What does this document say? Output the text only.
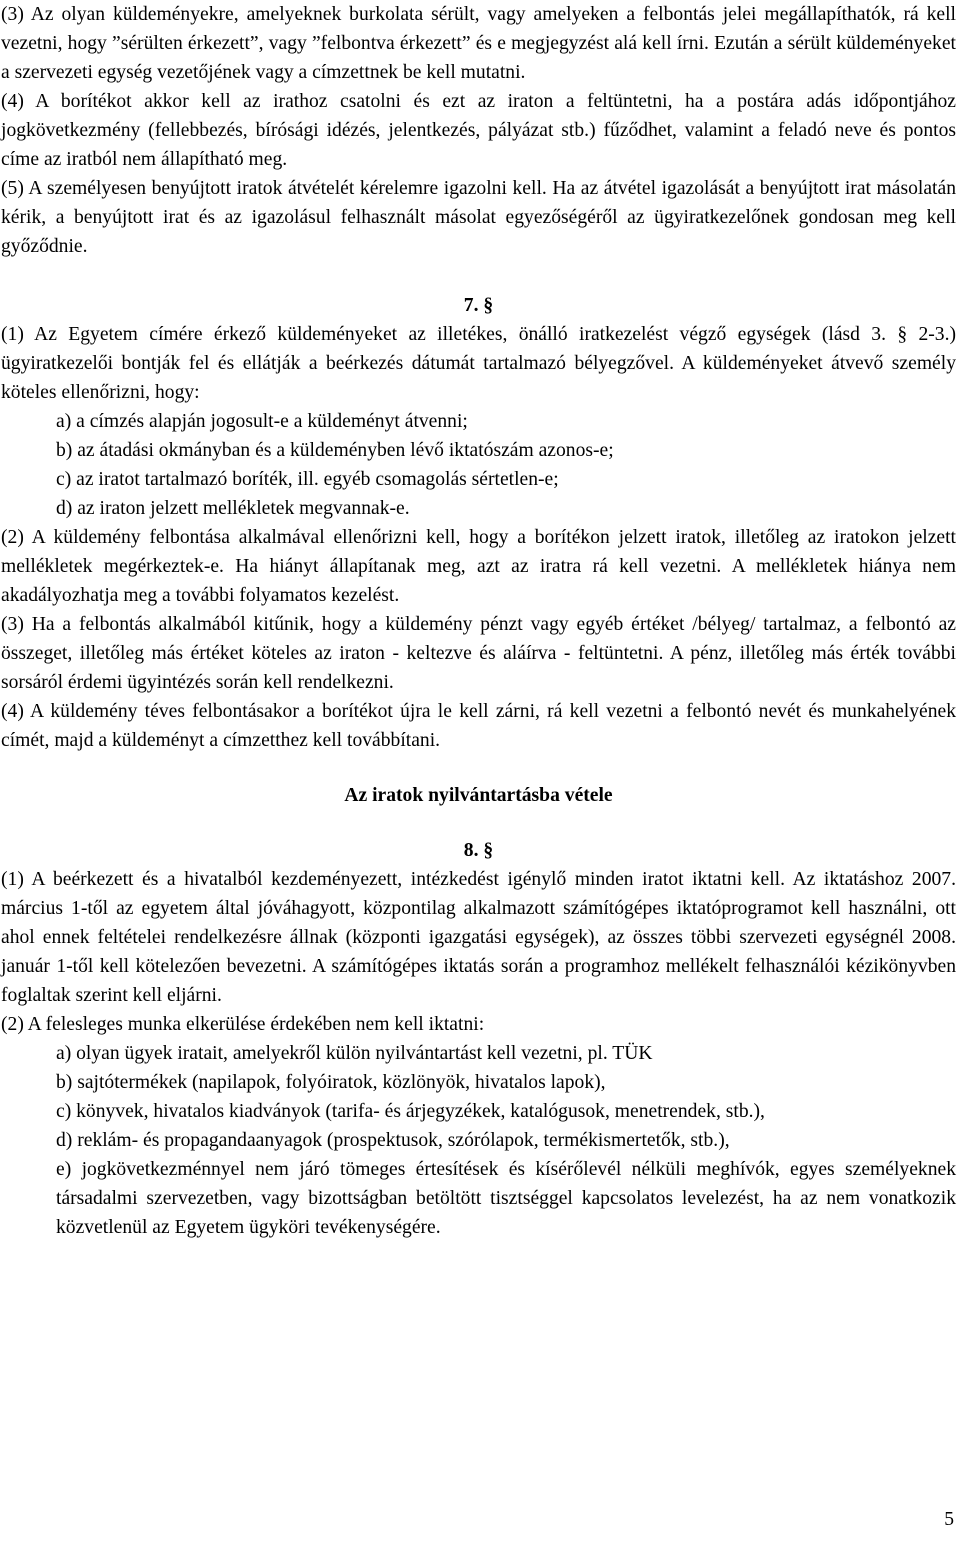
(3) Az olyan küldeményekre, amelyeknek burkolata sérült, vagy amelyeken a felbontás jelei megállapíthatók, rá kell vezetni, hogy ”sérülten érkezett”, vagy ”felbontva érkezett” és e megjegyzést alá kell írni. Ezután a sérült küldeményeket a szervezeti egység vezetőjének vagy a címzettnek be kell mutatni.

(4) A borítékot akkor kell az irathoz csatolni és ezt az iraton a feltüntetni, ha a postára adás időpontjához jogkövetkezmény (fellebbezés, bírósági idézés, jelentkezés, pályázat stb.) fűződhet, valamint a feladó neve és pontos címe az iratból nem állapítható meg.

(5) A személyesen benyújtott iratok átvételét kérelemre igazolni kell. Ha az átvétel igazolását a benyújtott irat másolatán kérik, a benyújtott irat és az igazolásul felhasznált másolat egyezőségéről az ügyiratkezelőnek gondosan meg kell győződnie.

7. §

(1) Az Egyetem címére érkező küldeményeket az illetékes, önálló iratkezelést végző egységek (lásd 3. § 2-3.) ügyiratkezelői bontják fel és ellátják a beérkezés dátumát tartalmazó bélyegzővel. A küldeményeket átvevő személy köteles ellenőrizni, hogy:

a) a címzés alapján jogosult-e a küldeményt átvenni;

b) az átadási okmányban és a küldeményben lévő iktatószám azonos-e;

c) az iratot tartalmazó boríték, ill. egyéb csomagolás sértetlen-e;

d) az iraton jelzett mellékletek megvannak-e.

(2) A küldemény felbontása alkalmával ellenőrizni kell, hogy a borítékon jelzett iratok, illetőleg az iratokon jelzett mellékletek megérkeztek-e. Ha hiányt állapítanak meg, azt az iratra rá kell vezetni. A mellékletek hiánya nem akadályozhatja meg a további folyamatos kezelést.

(3) Ha a felbontás alkalmából kitűnik, hogy a küldemény pénzt vagy egyéb értéket /bélyeg/ tartalmaz, a felbontó az összeget, illetőleg más értéket köteles az iraton - keltezve és aláírva - feltüntetni. A pénz, illetőleg más érték további sorsáról érdemi ügyintézés során kell rendelkezni.

(4) A küldemény téves felbontásakor a borítékot újra le kell zárni, rá kell vezetni a felbontó nevét és munkahelyének címét, majd a küldeményt a címzetthez kell továbbítani.

Az iratok nyilvántartásba vétele

8. §

(1) A beérkezett és a hivatalból kezdeményezett, intézkedést igénylő minden iratot iktatni kell. Az iktatáshoz 2007. március 1-től az egyetem által jóváhagyott, központilag alkalmazott számítógépes iktatóprogramot kell használni, ott ahol ennek feltételei rendelkezésre állnak (központi igazgatási egységek), az összes többi szervezeti egységnél 2008. január 1-től kell kötelezően bevezetni. A számítógépes iktatás során a programhoz mellékelt felhasználói kézikönyvben foglaltak szerint kell eljárni.

(2) A felesleges munka elkerülése érdekében nem kell iktatni:

a) olyan ügyek iratait, amelyekről külön nyilvántartást kell vezetni, pl. TÜK

b) sajtótermékek (napilapok, folyóiratok, közlönyök, hivatalos lapok),

c) könyvek, hivatalos kiadványok (tarifa- és árjegyzékek, katalógusok, menetrendek, stb.),

d) reklám- és propagandaanyagok (prospektusok, szórólapok, termékismertetők, stb.),

e) jogkövetkezménnyel nem járó tömeges értesítések és kísérőlevél nélküli meghívók, egyes személyeknek társadalmi szervezetben, vagy bizottságban betöltött tisztséggel kapcsolatos levelezést, ha az nem vonatkozik közvetlenül az Egyetem ügyköri tevékenységére.

5
